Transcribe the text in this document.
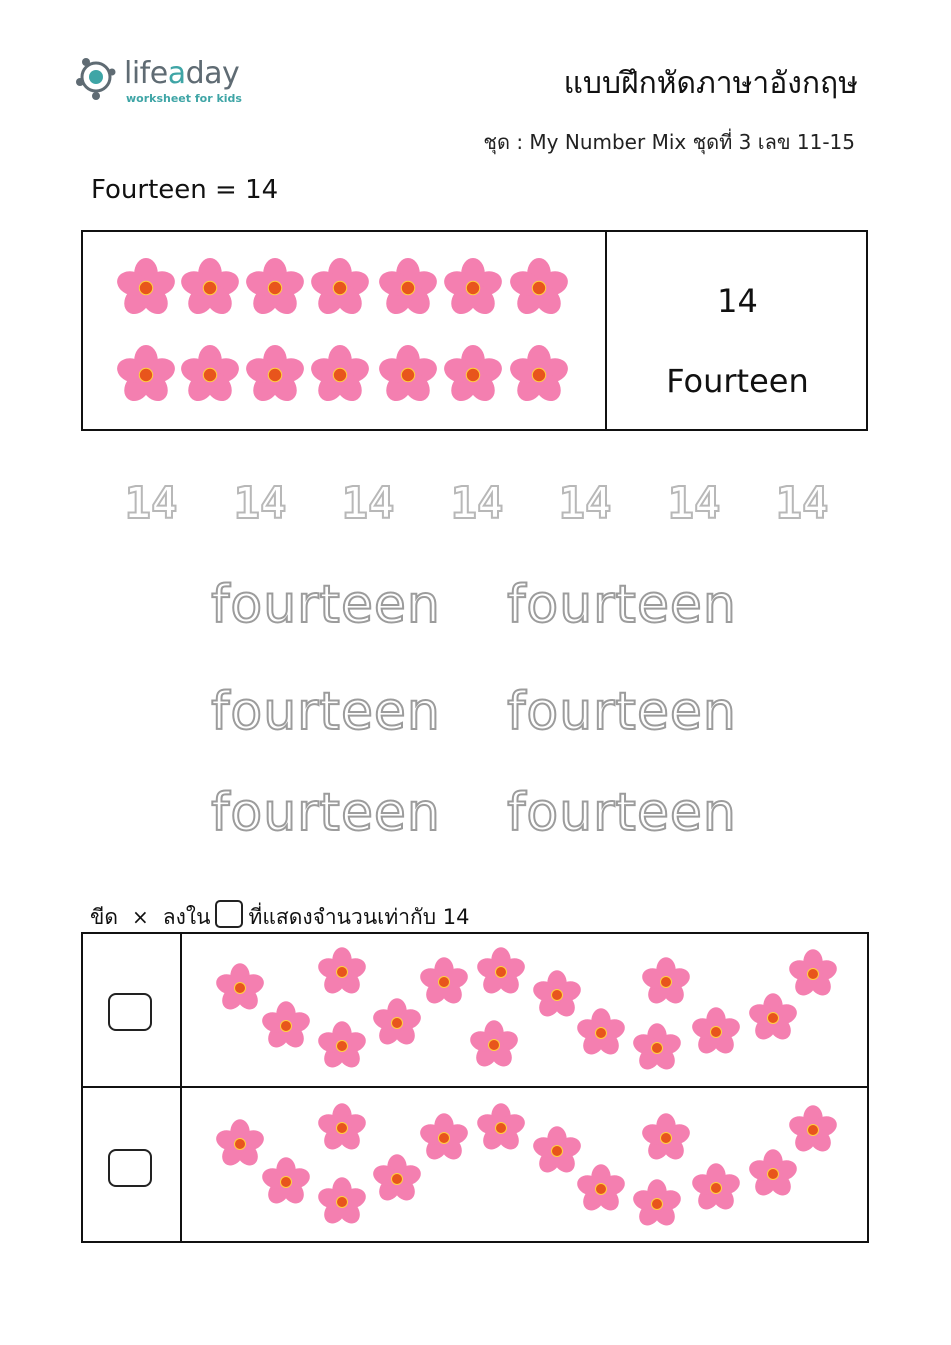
lifeaday
worksheet for kids	แบบฝึกหัดภาษาอังกฤษ
ชุด : My Number Mix ชุดที่ 3 เลข 11-15
Fourteen = 14
14
Fourteen
14	14	14	14	14	14	14
fourteen fourteen
fourteen fourteen
fourteen fourteen
ขีด × ลงใน ที่แสดงจำนวนเท่ากับ 14
